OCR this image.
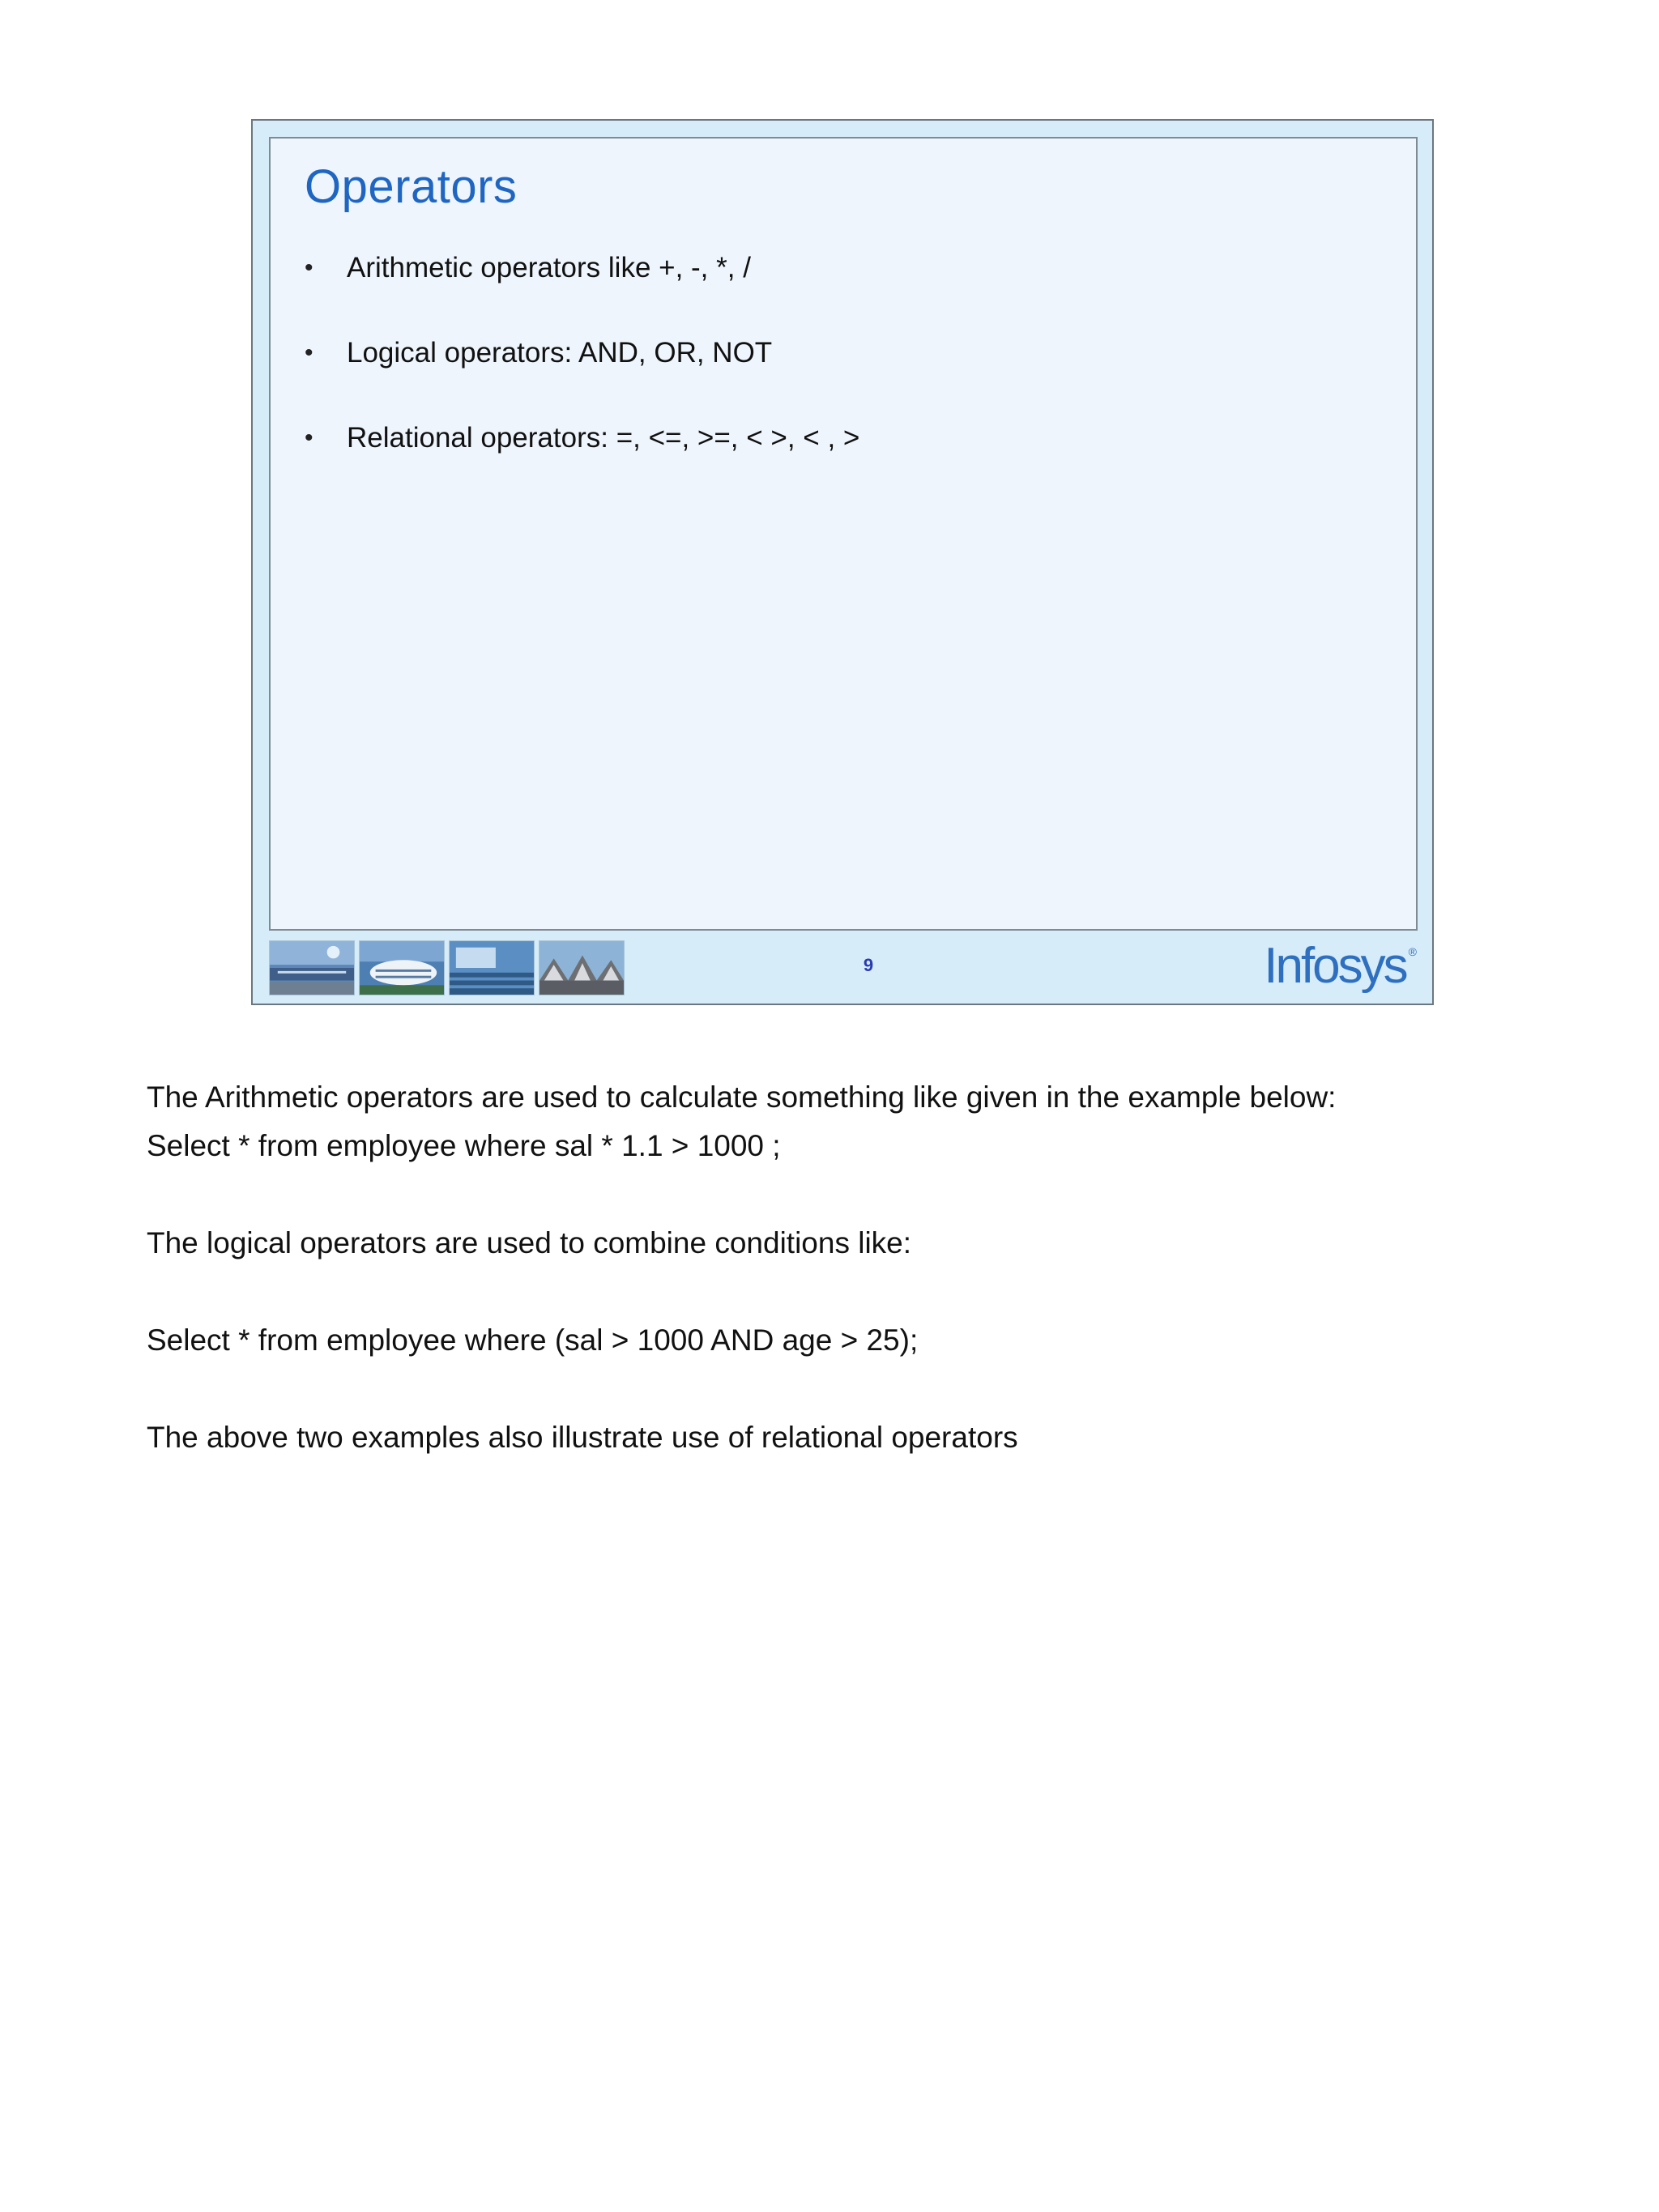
Operators
• Arithmetic operators like +, -, *, /
• Logical operators: AND, OR, NOT
• Relational operators: =, <=, >=, < >, < , >
9	Infosys ®

The Arithmetic operators are used to calculate something like given in the example below:

Select * from employee where sal * 1.1 > 1000 ;

The logical operators are used to combine conditions like:

Select * from employee where (sal > 1000 AND age > 25);

The above two examples also illustrate use of relational operators
